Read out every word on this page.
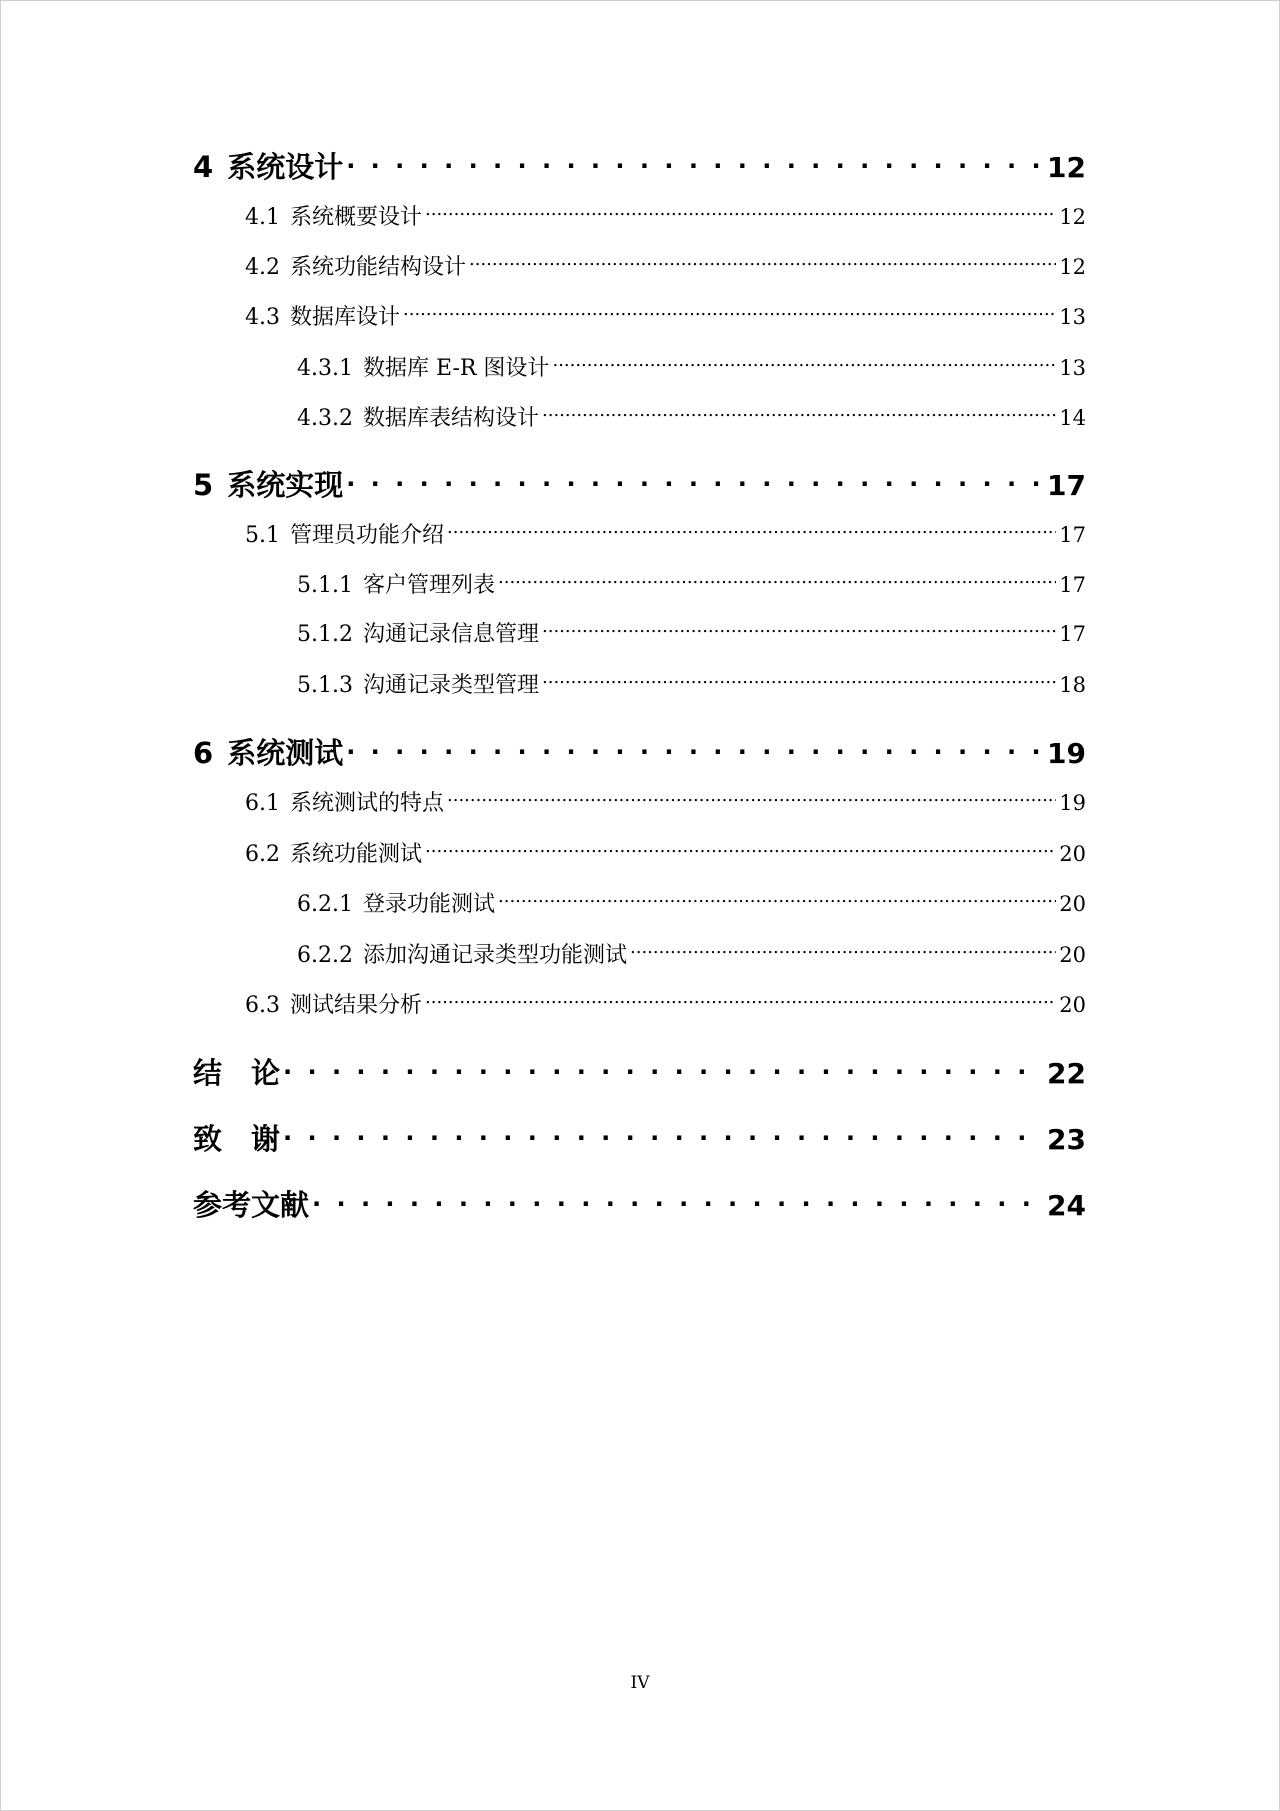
4 系统设计 . . .	12
4.1 系统概要设计 .....	12
4.2 系统功能结构设计 .....	12
4.3 数据库设计 .....	13
4.3.1 数据库 E-R 图设计 .....	13
4.3.2 数据库表结构设计 .....	14
5 系统实现 . . .	17
5.1 管理员功能介绍 .....	17
5.1.1 客户管理列表 .....	17
5.1.2 沟通记录信息管理 .....	17
5.1.3 沟通记录类型管理 .....	18
6 系统测试 . . .	19
6.1 系统测试的特点 .....	19
6.2 系统功能测试 .....	20
6.2.1 登录功能测试 .....	20
6.2.2 添加沟通记录类型功能测试 .....	20
6.3 测试结果分析 .....	20
结　论 . . .	22
致　谢 . . .	23
参考文献 . . .	24
IV
